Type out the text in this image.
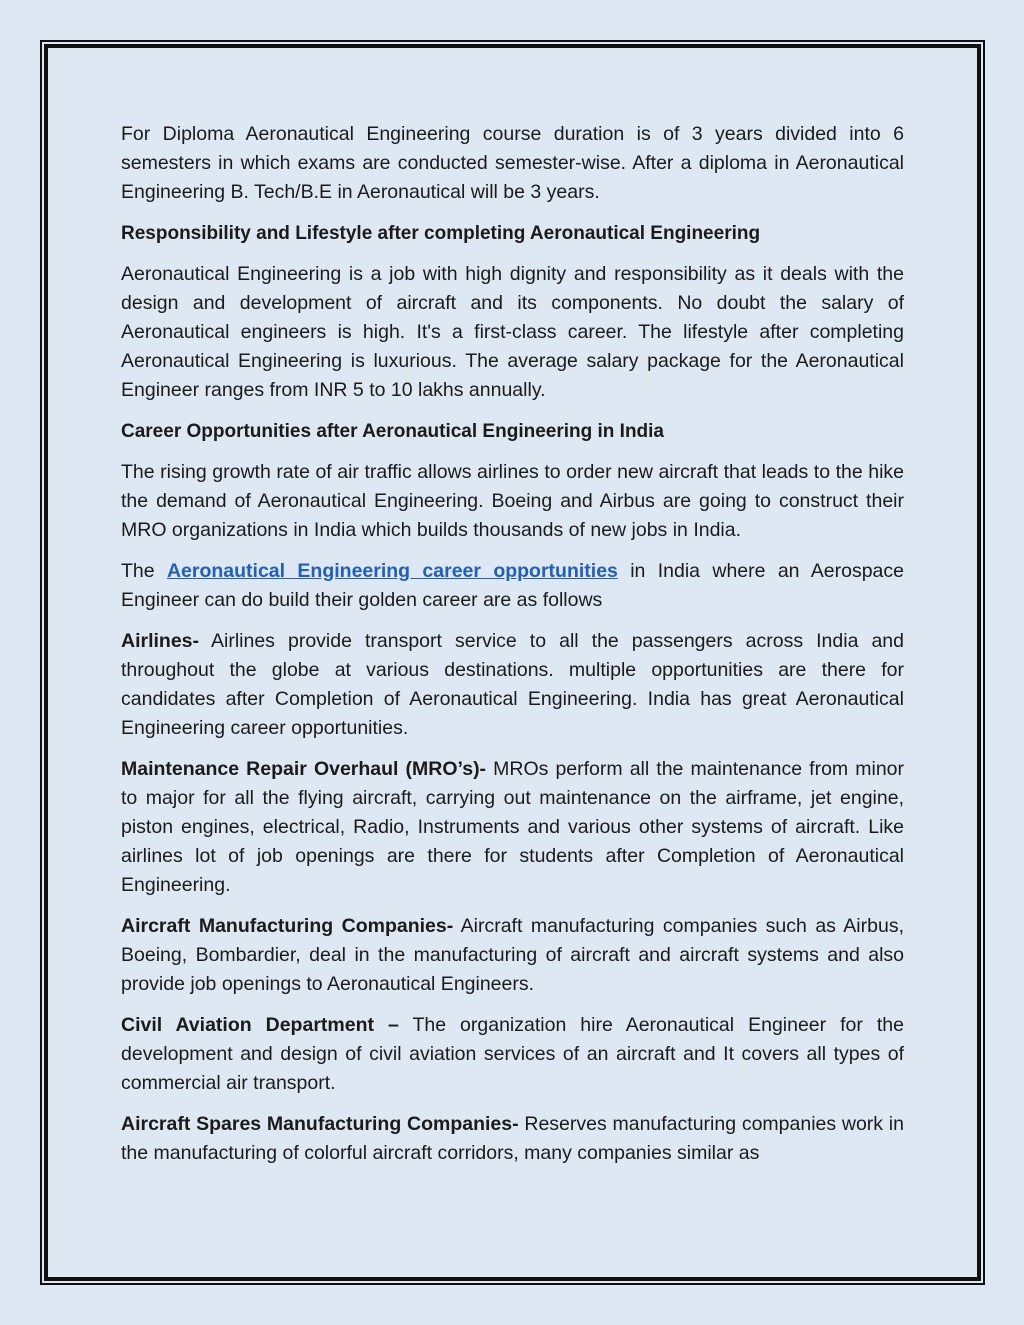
For Diploma Aeronautical Engineering course duration is of 3 years divided into 6 semesters in which exams are conducted semester-wise. After a diploma in Aeronautical Engineering B. Tech/B.E in Aeronautical will be 3 years.

Responsibility and Lifestyle after completing Aeronautical Engineering

Aeronautical Engineering is a job with high dignity and responsibility as it deals with the design and development of aircraft and its components. No doubt the salary of Aeronautical engineers is high. It's a first-class career. The lifestyle after completing Aeronautical Engineering is luxurious. The average salary package for the Aeronautical Engineer ranges from INR 5 to 10 lakhs annually.

Career Opportunities after Aeronautical Engineering in India

The rising growth rate of air traffic allows airlines to order new aircraft that leads to the hike the demand of Aeronautical Engineering. Boeing and Airbus are going to construct their MRO organizations in India which builds thousands of new jobs in India.

The Aeronautical Engineering career opportunities in India where an Aerospace Engineer can do build their golden career are as follows

Airlines- Airlines provide transport service to all the passengers across India and throughout the globe at various destinations. multiple opportunities are there for candidates after Completion of Aeronautical Engineering. India has great Aeronautical Engineering career opportunities.

Maintenance Repair Overhaul (MRO’s)- MROs perform all the maintenance from minor to major for all the flying aircraft, carrying out maintenance on the airframe, jet engine, piston engines, electrical, Radio, Instruments and various other systems of aircraft. Like airlines lot of job openings are there for students after Completion of Aeronautical Engineering.

Aircraft Manufacturing Companies- Aircraft manufacturing companies such as Airbus, Boeing, Bombardier, deal in the manufacturing of aircraft and aircraft systems and also provide job openings to Aeronautical Engineers.

Civil Aviation Department – The organization hire Aeronautical Engineer for the development and design of civil aviation services of an aircraft and It covers all types of commercial air transport.

Aircraft Spares Manufacturing Companies- Reserves manufacturing companies work in the manufacturing of colorful aircraft corridors, many companies similar as
